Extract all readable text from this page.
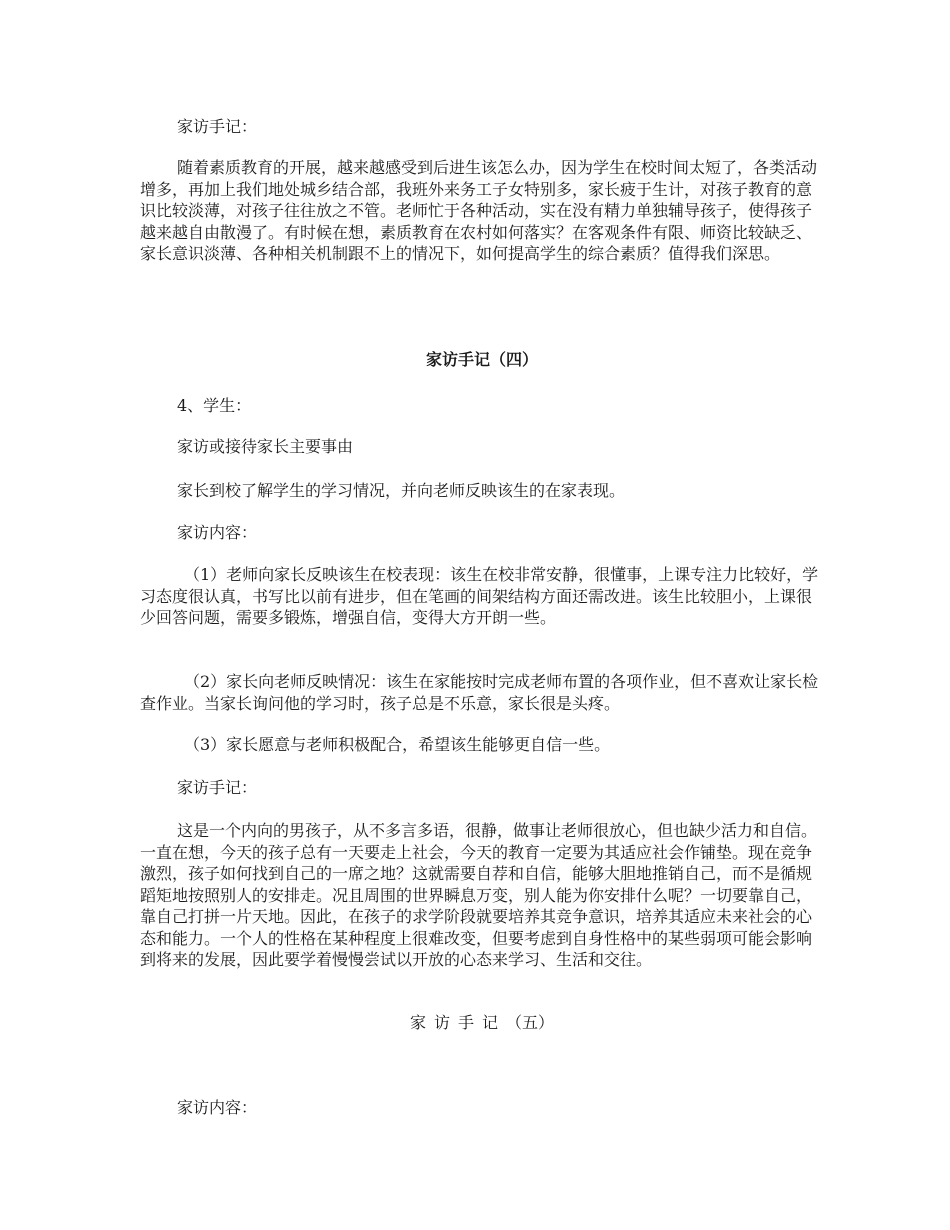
家访手记：

随着素质教育的开展，越来越感受到后进生该怎么办，因为学生在校时间太短了，各类活动增多，再加上我们地处城乡结合部，我班外来务工子女特别多，家长疲于生计，对孩子教育的意识比较淡薄，对孩子往往放之不管。老师忙于各种活动，实在没有精力单独辅导孩子，使得孩子越来越自由散漫了。有时候在想，素质教育在农村如何落实？在客观条件有限、师资比较缺乏、家长意识淡薄、各种相关机制跟不上的情况下，如何提高学生的综合素质？值得我们深思。

家访手记（四）

4、学生：

家访或接待家长主要事由

家长到校了解学生的学习情况，并向老师反映该生的在家表现。

家访内容：

（1）老师向家长反映该生在校表现：该生在校非常安静，很懂事，上课专注力比较好，学习态度很认真，书写比以前有进步，但在笔画的间架结构方面还需改进。该生比较胆小，上课很少回答问题，需要多锻炼，增强自信，变得大方开朗一些。

（2）家长向老师反映情况：该生在家能按时完成老师布置的各项作业，但不喜欢让家长检查作业。当家长询问他的学习时，孩子总是不乐意，家长很是头疼。

（3）家长愿意与老师积极配合，希望该生能够更自信一些。

家访手记：

这是一个内向的男孩子，从不多言多语，很静，做事让老师很放心，但也缺少活力和自信。一直在想，今天的孩子总有一天要走上社会，今天的教育一定要为其适应社会作铺垫。现在竞争激烈，孩子如何找到自己的一席之地？这就需要自荐和自信，能够大胆地推销自己，而不是循规蹈矩地按照别人的安排走。况且周围的世界瞬息万变，别人能为你安排什么呢？一切要靠自己，靠自己打拼一片天地。因此，在孩子的求学阶段就要培养其竞争意识，培养其适应未来社会的心态和能力。一个人的性格在某种程度上很难改变，但要考虑到自身性格中的某些弱项可能会影响到将来的发展，因此要学着慢慢尝试以开放的心态来学习、生活和交往。

家访手记（五）

家访内容：
